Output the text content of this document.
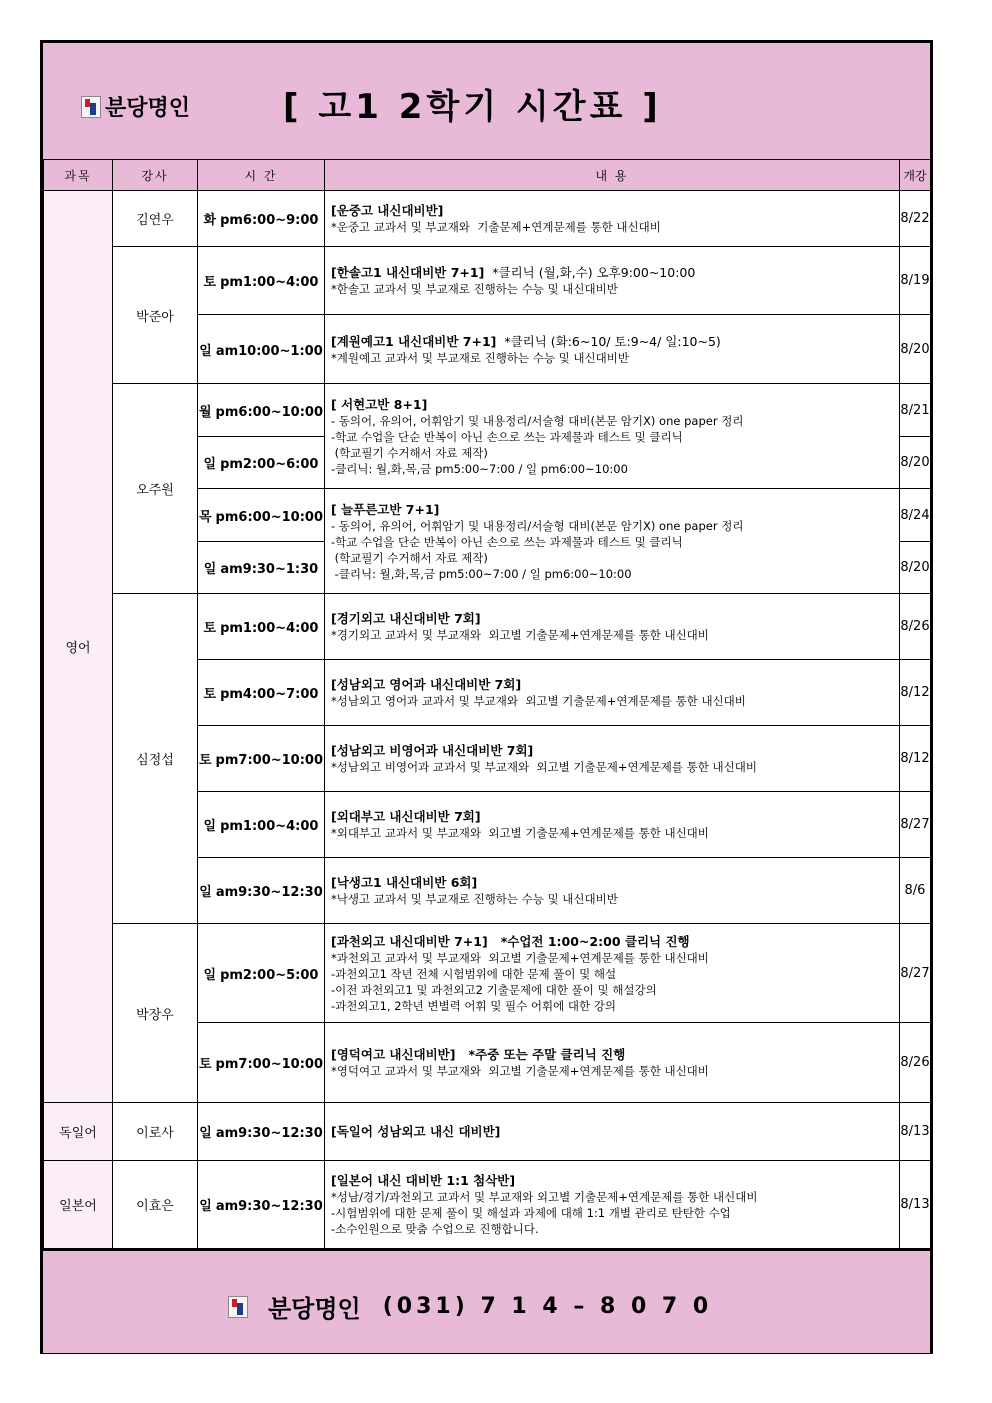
분당명인	[ 고1 2학기 시간표 ]
과목	강사	시 간	내 용	개강
영어	김연우	화 pm6:00~9:00	[운중고 내신대비반]
*운중고 교과서 및 부교재와  기출문제+연계문제를 통한 내신대비	8/22
	박준아	토 pm1:00~4:00	[한솔고1 내신대비반 7+1]  *클리닉 (월,화,수) 오후9:00~10:00
*한솔고 교과서 및 부교재로 진행하는 수능 및 내신대비반	8/19
		일 am10:00~1:00	[계원예고1 내신대비반 7+1]  *클리닉 (화:6~10/ 토:9~4/ 일:10~5)
*계원예고 교과서 및 부교재로 진행하는 수능 및 내신대비반	8/20
	오주원	월 pm6:00~10:00	[ 서현고반 8+1]
- 동의어, 유의어, 어휘암기 및 내용정리/서술형 대비(본문 암기X) one paper 정리
-학교 수업을 단순 반복이 아닌 손으로 쓰는 과제물과 테스트 및 클리닉
(학교필기 수거해서 자료 제작)
-클리닉: 월,화,목,금 pm5:00~7:00 / 일 pm6:00~10:00	8/21
		일 pm2:00~6:00		8/20
		목 pm6:00~10:00	[ 늘푸른고반 7+1]
- 동의어, 유의어, 어휘암기 및 내용정리/서술형 대비(본문 암기X) one paper 정리
-학교 수업을 단순 반복이 아닌 손으로 쓰는 과제물과 테스트 및 클리닉
(학교필기 수거해서 자료 제작)
-클리닉: 월,화,목,금 pm5:00~7:00 / 일 pm6:00~10:00	8/24
		일 am9:30~1:30		8/20
	심정섭	토 pm1:00~4:00	[경기외고 내신대비반 7회]
*경기외고 교과서 및 부교재와  외고별 기출문제+연계문제를 통한 내신대비	8/26
		토 pm4:00~7:00	[성남외고 영어과 내신대비반 7회]
*성남외고 영어과 교과서 및 부교재와  외고별 기출문제+연계문제를 통한 내신대비	8/12
		토 pm7:00~10:00	[성남외고 비영어과 내신대비반 7회]
*성남외고 비영어과 교과서 및 부교재와  외고별 기출문제+연계문제를 통한 내신대비	8/12
		일 pm1:00~4:00	[외대부고 내신대비반 7회]
*외대부고 교과서 및 부교재와  외고별 기출문제+연계문제를 통한 내신대비	8/27
		일 am9:30~12:30	[낙생고1 내신대비반 6회]
*낙생고 교과서 및 부교재로 진행하는 수능 및 내신대비반	8/6
	박장우	일 pm2:00~5:00	[과천외고 내신대비반 7+1]   *수업전 1:00~2:00 클리닉 진행
*과천외고 교과서 및 부교재와  외고별 기출문제+연계문제를 통한 내신대비
-과천외고1 작년 전체 시험범위에 대한 문제 풀이 및 해설
-이전 과천외고1 및 과천외고2 기출문제에 대한 풀이 및 해설강의
-과천외고1, 2학년 변별력 어휘 및 필수 어휘에 대한 강의	8/27
		토 pm7:00~10:00	[영덕여고 내신대비반]   *주중 또는 주말 클리닉 진행
*영덕여고 교과서 및 부교재와  외고별 기출문제+연계문제를 통한 내신대비	8/26
독일어	이로사	일 am9:30~12:30	[독일어 성남외고 내신 대비반]	8/13
일본어	이효은	일 am9:30~12:30	[일본어 내신 대비반 1:1 첨삭반]
*성남/경기/과천외고 교과서 및 부교재와 외고별 기출문제+연계문제를 통한 내신대비
-시험범위에 대한 문제 풀이 및 해설과 과제에 대해 1:1 개별 관리로 탄탄한 수업
-소수인원으로 맞춤 수업으로 진행합니다.	8/13
분당명인 (031) 7 1 4 – 8 0 7 0
